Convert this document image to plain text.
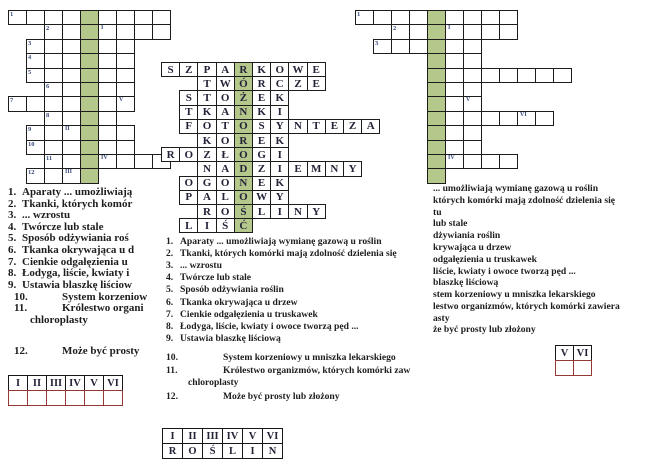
1
2	I
3
4
5
6
7	V
8
9	II
10
11	IV
12	III
1
2	I
3
V
VI
IV
S	Z	P A R K O W E
T W Ó R C Z E
S	T O Ż E K
T K A N K	I
F O T O S	Y N T E Z A
K O R E K
R O Z Ł O G	I
N A D Z	I	E M N Y
O G O N E K
P A L O W Y
R O Ś	L	I	N Y
L	I	Ś	Ć
I	II III IV V VI
I	II III IV V VI
R	O	Ś	L	I	N
V VI
1. Aparaty ... umożliwiają
2. Tkanki, których komór
3. ... wzrostu
4. Twórcze lub stale
5. Sposób odżywiania roś
6. Tkanka okrywająca u d
7. Cienkie odgałęzienia u
8. Łodyga, liście, kwiaty i
9. Ustawia blaszkę liściow
10.	System korzeniow
11.	Królestwo organi
chloroplasty
12.	Może być prosty
1. Aparaty ... umożliwiają wymianę gazową u roślin
2. Tkanki, których komórki mają zdolność dzielenia się
3. ... wzrostu
4. Twórcze lub stale
5. Sposób odżywiania roślin
6. Tkanka okrywająca u drzew
7. Cienkie odgałęzienia u truskawek
8. Łodyga, liście, kwiaty i owoce tworzą pęd ...
9. Ustawia blaszkę liściową
10.	System korzeniowy u mniszka lekarskiego
11.	Królestwo organizmów, których komórki zaw
chloroplasty
12.	Może być prosty lub złożony
... umożliwiają wymianę gazową u roślin
których komórki mają zdolność dzielenia się
tu
lub stale
dżywiania roślin
krywająca u drzew
odgałęzienia u truskawek
liście, kwiaty i owoce tworzą pęd ...
blaszkę liściową
stem korzeniowy u mniszka lekarskiego
lestwo organizmów, których komórki zawiera
asty
że być prosty lub złożony
